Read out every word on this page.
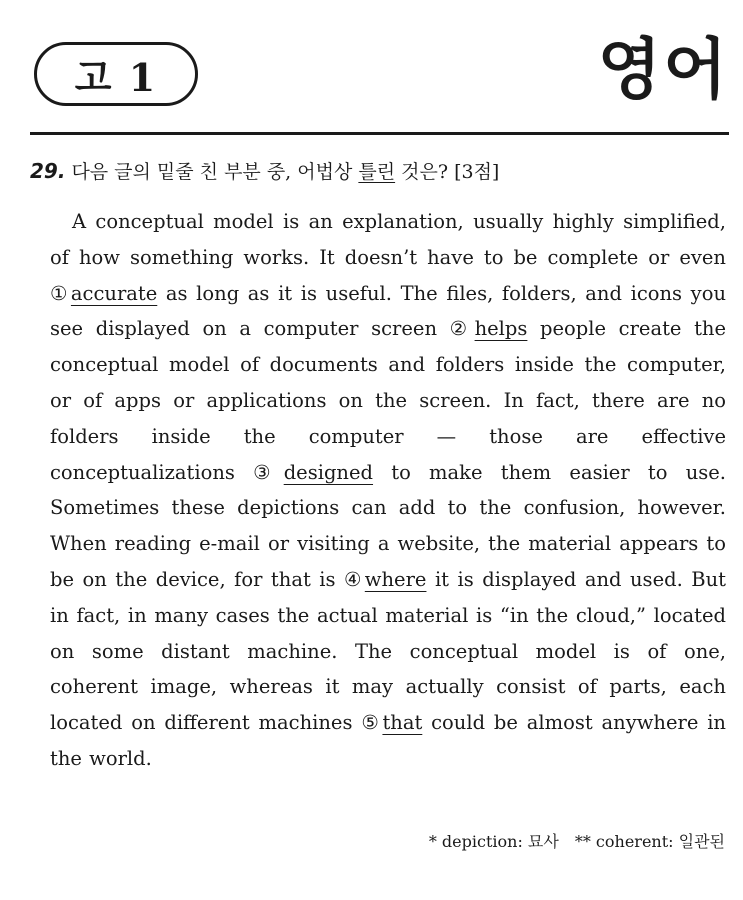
고 1	영어
29. 다음 글의 밑줄 친 부분 중, 어법상 틀린 것은? [3점]
A conceptual model is an explanation, usually highly simplified, of how something works. It doesn’t have to be complete or even ① accurate as long as it is useful. The files, folders, and icons you see displayed on a computer screen ② helps people create the conceptual model of documents and folders inside the computer, or of apps or applications on the screen. In fact, there are no folders inside the computer — those are effective conceptualizations ③ designed to make them easier to use. Sometimes these depictions can add to the confusion, however. When reading e-mail or visiting a website, the material appears to be on the device, for that is ④ where it is displayed and used. But in fact, in many cases the actual material is “in the cloud,” located on some distant machine. The conceptual model is of one, coherent image, whereas it may actually consist of parts, each located on different machines ⑤ that could be almost anywhere in the world.
* depiction: 묘사 ** coherent: 일관된
